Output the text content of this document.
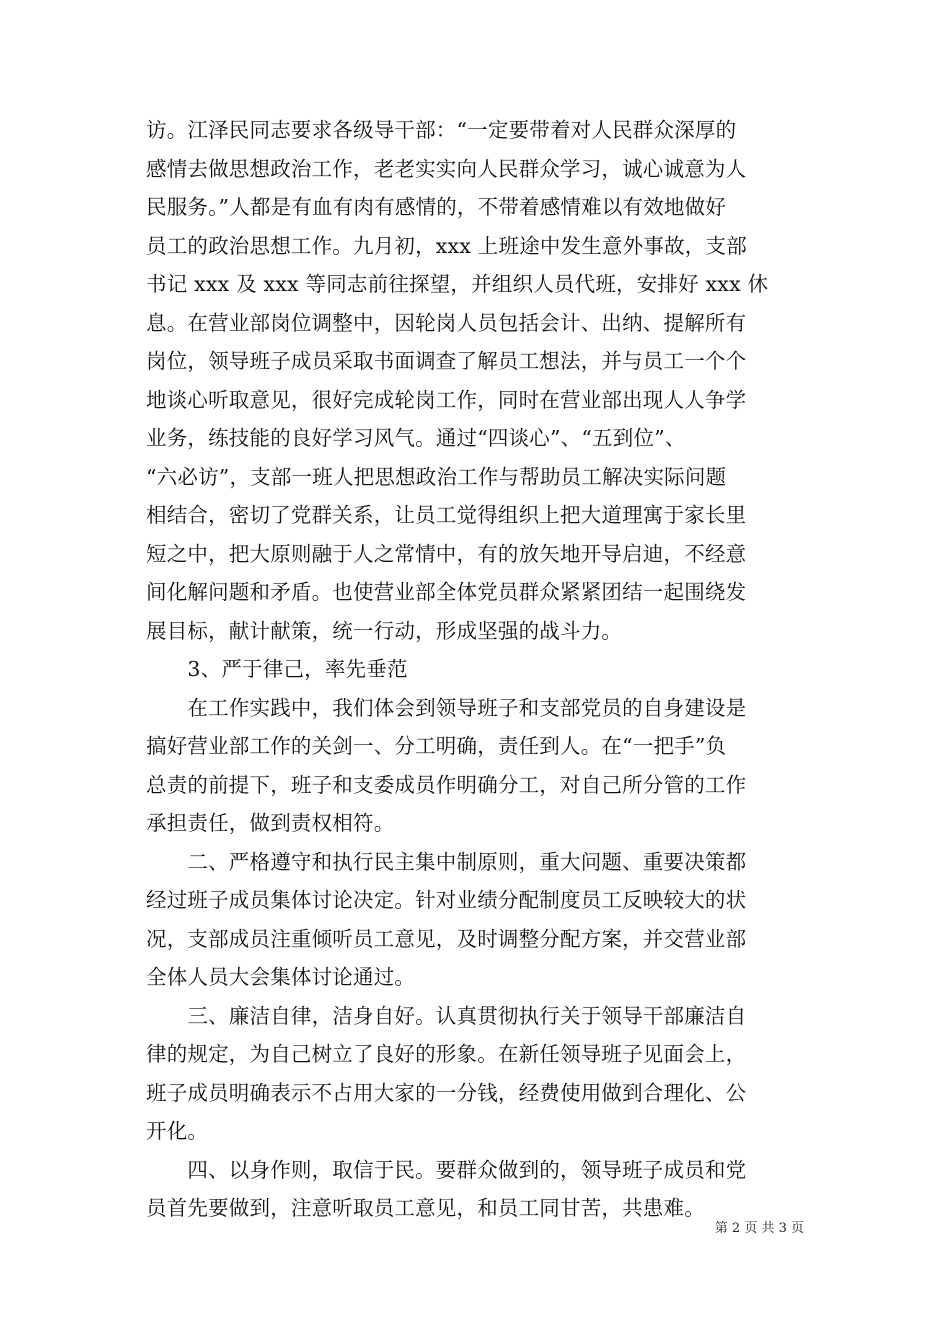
访。江泽民同志要求各级导干部：“一定要带着对人民群众深厚的
感情去做思想政治工作，老老实实向人民群众学习，诚心诚意为人
民服务。”人都是有血有肉有感情的，不带着感情难以有效地做好
员工的政治思想工作。九月初，xxx 上班途中发生意外事故，支部
书记 xxx 及 xxx 等同志前往探望，并组织人员代班，安排好 xxx 休
息。在营业部岗位调整中，因轮岗人员包括会计、出纳、提解所有
岗位，领导班子成员采取书面调查了解员工想法，并与员工一个个
地谈心听取意见，很好完成轮岗工作，同时在营业部出现人人争学
业务，练技能的良好学习风气。通过“四谈心”、“五到位”、
“六必访”，支部一班人把思想政治工作与帮助员工解决实际问题
相结合，密切了党群关系，让员工觉得组织上把大道理寓于家长里
短之中，把大原则融于人之常情中，有的放矢地开导启迪，不经意
间化解问题和矛盾。也使营业部全体党员群众紧紧团结一起围绕发
展目标，献计献策，统一行动，形成坚强的战斗力。
　　3、严于律己，率先垂范
　　在工作实践中，我们体会到领导班子和支部党员的自身建设是
搞好营业部工作的关剑一、分工明确，责任到人。在“一把手”负
总责的前提下，班子和支委成员作明确分工，对自己所分管的工作
承担责任，做到责权相符。
　　二、严格遵守和执行民主集中制原则，重大问题、重要决策都
经过班子成员集体讨论决定。针对业绩分配制度员工反映较大的状
况，支部成员注重倾听员工意见，及时调整分配方案，并交营业部
全体人员大会集体讨论通过。
　　三、廉洁自律，洁身自好。认真贯彻执行关于领导干部廉洁自
律的规定，为自己树立了良好的形象。在新任领导班子见面会上，
班子成员明确表示不占用大家的一分钱，经费使用做到合理化、公
开化。
　　四、以身作则，取信于民。要群众做到的，领导班子成员和党
员首先要做到，注意听取员工意见，和员工同甘苦，共患难。
第 2 页 共 3 页
